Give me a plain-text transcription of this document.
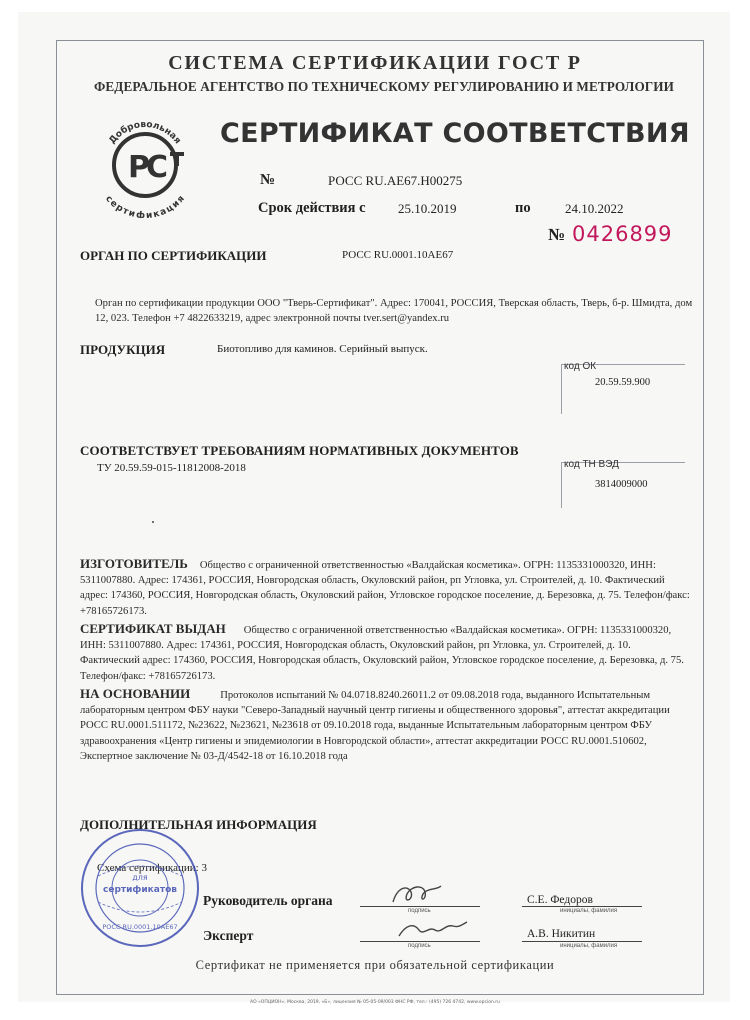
СИСТЕМА СЕРТИФИКАЦИИ ГОСТ Р
ФЕДЕРАЛЬНОЕ АГЕНТСТВО ПО ТЕХНИЧЕСКОМУ РЕГУЛИРОВАНИЮ И МЕТРОЛОГИИ
Р
С
Добровольная
сертификация
СЕРТИФИКАТ СООТВЕТСТВИЯ
№	РОСС RU.АЕ67.Н00275
Срок действия с 25.10.2019	по	24.10.2022
№ 0426899
ОРГАН ПО СЕРТИФИКАЦИИ	РОСС RU.0001.10АЕ67
Орган по сертификации продукции ООО "Тверь-Сертификат". Адрес: 170041, РОССИЯ, Тверская область, Тверь, б-р. Шмидта, дом 12, 023. Телефон +7 4822633219, адрес электронной почты tver.sert@yandex.ru
ПРОДУКЦИЯ	Биотопливо для каминов. Серийный выпуск.
код ОК
20.59.59.900
СООТВЕТСТВУЕТ ТРЕБОВАНИЯМ НОРМАТИВНЫХ ДОКУМЕНТОВ
ТУ 20.59.59-015-11812008-2018	код ТН ВЭД
3814009000
ИЗГОТОВИТЕЛЬ Общество с ограниченной ответственностью «Валдайская косметика». ОГРН: 1135331000320, ИНН: 5311007880. Адрес: 174361, РОССИЯ, Новгородская область, Окуловский район, рп Угловка, ул. Строителей, д. 10. Фактический адрес: 174360, РОССИЯ, Новгородская область, Окуловский район, Угловское городское поселение, д. Березовка, д. 75. Телефон/факс: +78165726173.
СЕРТИФИКАТ ВЫДАН Общество с ограниченной ответственностью «Валдайская косметика». ОГРН: 1135331000320, ИНН: 5311007880. Адрес: 174361, РОССИЯ, Новгородская область, Окуловский район, рп Угловка, ул. Строителей, д. 10. Фактический адрес: 174360, РОССИЯ, Новгородская область, Окуловский район, Угловское городское поселение, д. Березовка, д. 75. Телефон/факс: +78165726173.
НА ОСНОВАНИИ	Протоколов испытаний № 04.0718.8240.26011.2 от 09.08.2018 года, выданного Испытательным лабораторным центром ФБУ науки "Северо-Западный научный центр гигиены и общественного здоровья", аттестат аккредитации РОСС RU.0001.511172, №23622, №23621, №23618 от 09.10.2018 года, выданные Испытательным лабораторным центром ФБУ здравоохранения «Центр гигиены и эпидемиологии в Новгородской области», аттестат аккредитации РОСС RU.0001.510602, Экспертное заключение № 03-Д/4542-18 от 16.10.2018 года
ДОПОЛНИТЕЛЬНАЯ ИНФОРМАЦИЯ
Схема сертификации: 3
для
сертификатов
РОСС RU.0001.10АЕ67
Руководитель органа
подпись
С.Е. Федоров
инициалы, фамилия
Эксперт
подпись
А.В. Никитин
инициалы, фамилия
Сертификат не применяется при обязательной сертификации
АО «ОПЦИОН», Москва, 2019, «Б», лицензия № 05-05-09/003 ФНС РФ, тел.: (495) 726 4742, www.opcion.ru
